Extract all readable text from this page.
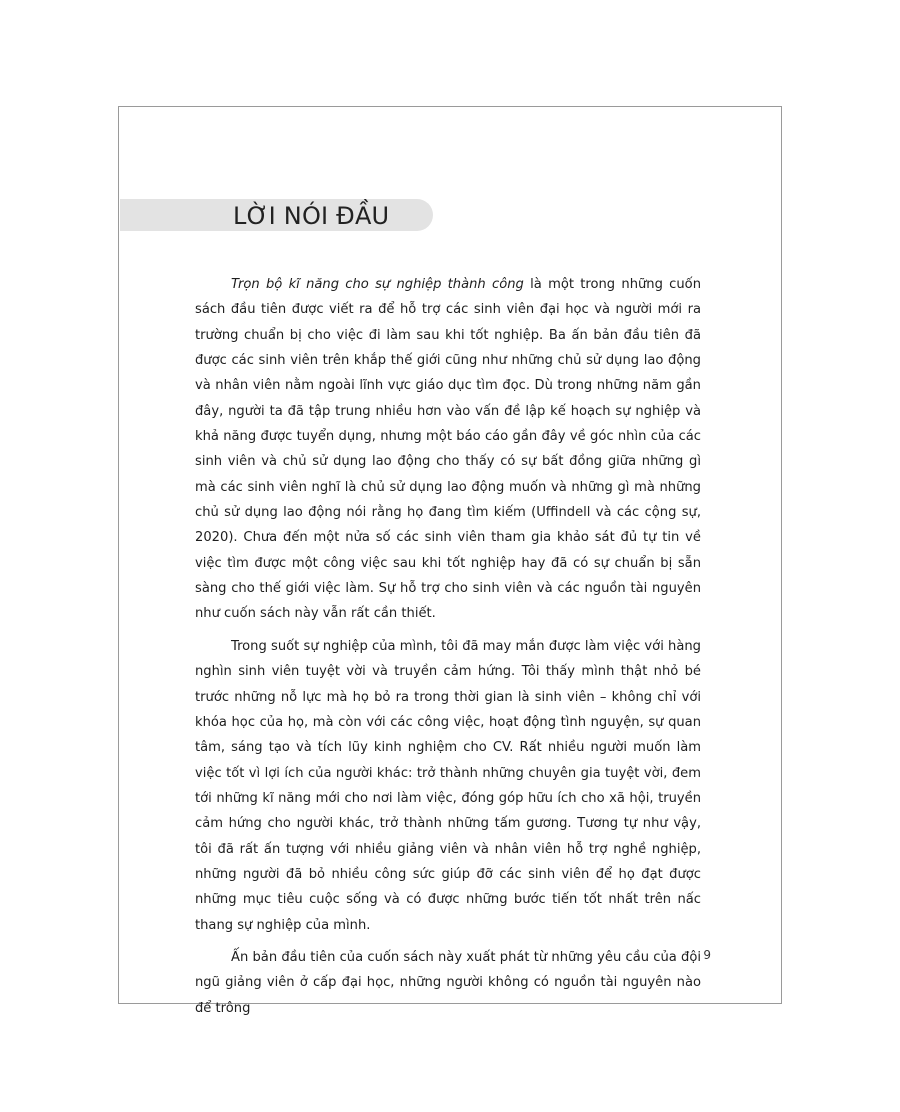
LỜI NÓI ĐẦU

Trọn bộ kĩ năng cho sự nghiệp thành công là một trong những cuốn sách đầu tiên được viết ra để hỗ trợ các sinh viên đại học và người mới ra trường chuẩn bị cho việc đi làm sau khi tốt nghiệp. Ba ấn bản đầu tiên đã được các sinh viên trên khắp thế giới cũng như những chủ sử dụng lao động và nhân viên nằm ngoài lĩnh vực giáo dục tìm đọc. Dù trong những năm gần đây, người ta đã tập trung nhiều hơn vào vấn đề lập kế hoạch sự nghiệp và khả năng được tuyển dụng, nhưng một báo cáo gần đây về góc nhìn của các sinh viên và chủ sử dụng lao động cho thấy có sự bất đồng giữa những gì mà các sinh viên nghĩ là chủ sử dụng lao động muốn và những gì mà những chủ sử dụng lao động nói rằng họ đang tìm kiếm (Uffindell và các cộng sự, 2020). Chưa đến một nửa số các sinh viên tham gia khảo sát đủ tự tin về việc tìm được một công việc sau khi tốt nghiệp hay đã có sự chuẩn bị sẵn sàng cho thế giới việc làm. Sự hỗ trợ cho sinh viên và các nguồn tài nguyên như cuốn sách này vẫn rất cần thiết.

Trong suốt sự nghiệp của mình, tôi đã may mắn được làm việc với hàng nghìn sinh viên tuyệt vời và truyền cảm hứng. Tôi thấy mình thật nhỏ bé trước những nỗ lực mà họ bỏ ra trong thời gian là sinh viên – không chỉ với khóa học của họ, mà còn với các công việc, hoạt động tình nguyện, sự quan tâm, sáng tạo và tích lũy kinh nghiệm cho CV. Rất nhiều người muốn làm việc tốt vì lợi ích của người khác: trở thành những chuyên gia tuyệt vời, đem tới những kĩ năng mới cho nơi làm việc, đóng góp hữu ích cho xã hội, truyền cảm hứng cho người khác, trở thành những tấm gương. Tương tự như vậy, tôi đã rất ấn tượng với nhiều giảng viên và nhân viên hỗ trợ nghề nghiệp, những người đã bỏ nhiều công sức giúp đỡ các sinh viên để họ đạt được những mục tiêu cuộc sống và có được những bước tiến tốt nhất trên nấc thang sự nghiệp của mình.

Ấn bản đầu tiên của cuốn sách này xuất phát từ những yêu cầu của đội ngũ giảng viên ở cấp đại học, những người không có nguồn tài nguyên nào để trông

9
